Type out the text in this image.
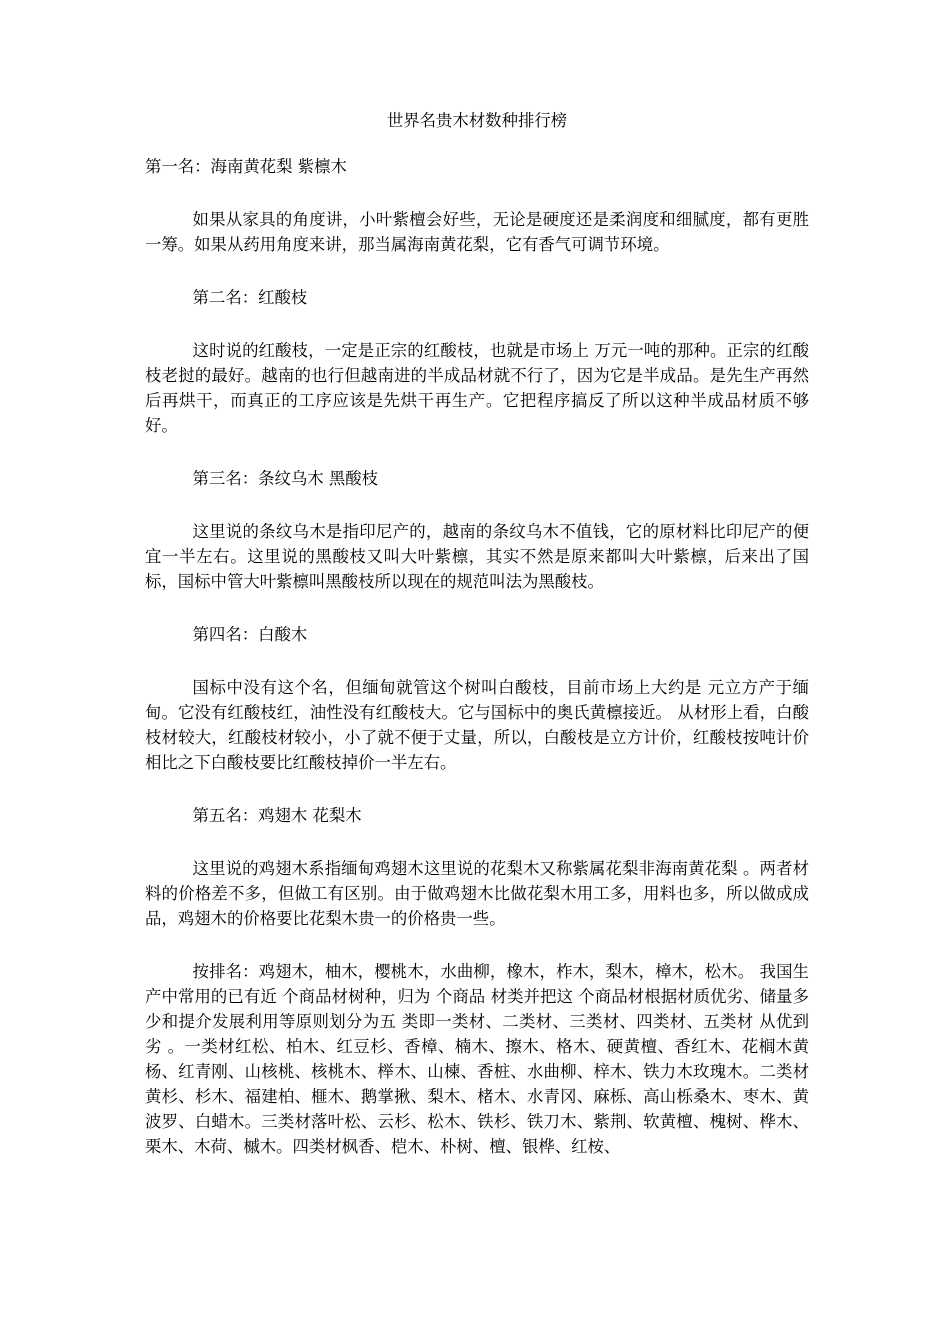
世界名贵木材数种排行榜

第一名：海南黄花梨 紫檩木

如果从家具的角度讲，小叶紫檀会好些，无论是硬度还是柔润度和细腻度，都有更胜一筹。如果从药用角度来讲，那当属海南黄花梨，它有香气可调节环境。

第二名：红酸枝

这时说的红酸枝，一定是正宗的红酸枝，也就是市场上 万元一吨的那种。正宗的红酸枝老挝的最好。越南的也行但越南进的半成品材就不行了，因为它是半成品。是先生产再然后再烘干，而真正的工序应该是先烘干再生产。它把程序搞反了所以这种半成品材质不够好。

第三名：条纹乌木 黑酸枝

这里说的条纹乌木是指印尼产的，越南的条纹乌木不值钱，它的原材料比印尼产的便宜一半左右。这里说的黑酸枝又叫大叶紫檩，其实不然是原来都叫大叶紫檩，后来出了国标，国标中管大叶紫檩叫黑酸枝所以现在的规范叫法为黑酸枝。

第四名：白酸木

国标中没有这个名，但缅甸就管这个树叫白酸枝，目前市场上大约是 元立方产于缅甸。它没有红酸枝红，油性没有红酸枝大。它与国标中的奥氏黄檩接近。 从材形上看，白酸枝材较大，红酸枝材较小，小了就不便于丈量，所以，白酸枝是立方计价，红酸枝按吨计价相比之下白酸枝要比红酸枝掉价一半左右。

第五名：鸡翅木 花梨木

这里说的鸡翅木系指缅甸鸡翅木这里说的花梨木又称紫属花梨非海南黄花梨 。两者材料的价格差不多，但做工有区别。由于做鸡翅木比做花梨木用工多，用料也多，所以做成成品，鸡翅木的价格要比花梨木贵一的价格贵一些。

按排名：鸡翅木，柚木，樱桃木，水曲柳，橡木，柞木，梨木，樟木，松木。 我国生产中常用的已有近 个商品材树种，归为 个商品 材类并把这 个商品材根据材质优劣、储量多少和提介发展利用等原则划分为五 类即一类材、二类材、三类材、四类材、五类材 从优到劣 。一类材红松、柏木、红豆杉、香樟、楠木、擦木、格木、硬黄檀、香红木、花榈木黄杨、红青刚、山核桃、核桃木、榉木、山楝、香桩、水曲柳、梓木、铁力木玫瑰木。二类材黄杉、杉木、福建柏、榧木、鹅掌揪、梨木、楮木、水青冈、麻栎、高山栎桑木、枣木、黄波罗、白蜡木。三类材落叶松、云杉、松木、铁杉、铁刀木、紫荆、软黄檀、槐树、桦木、栗木、木荷、槭木。四类材枫香、桤木、朴树、檀、银桦、红桉、
